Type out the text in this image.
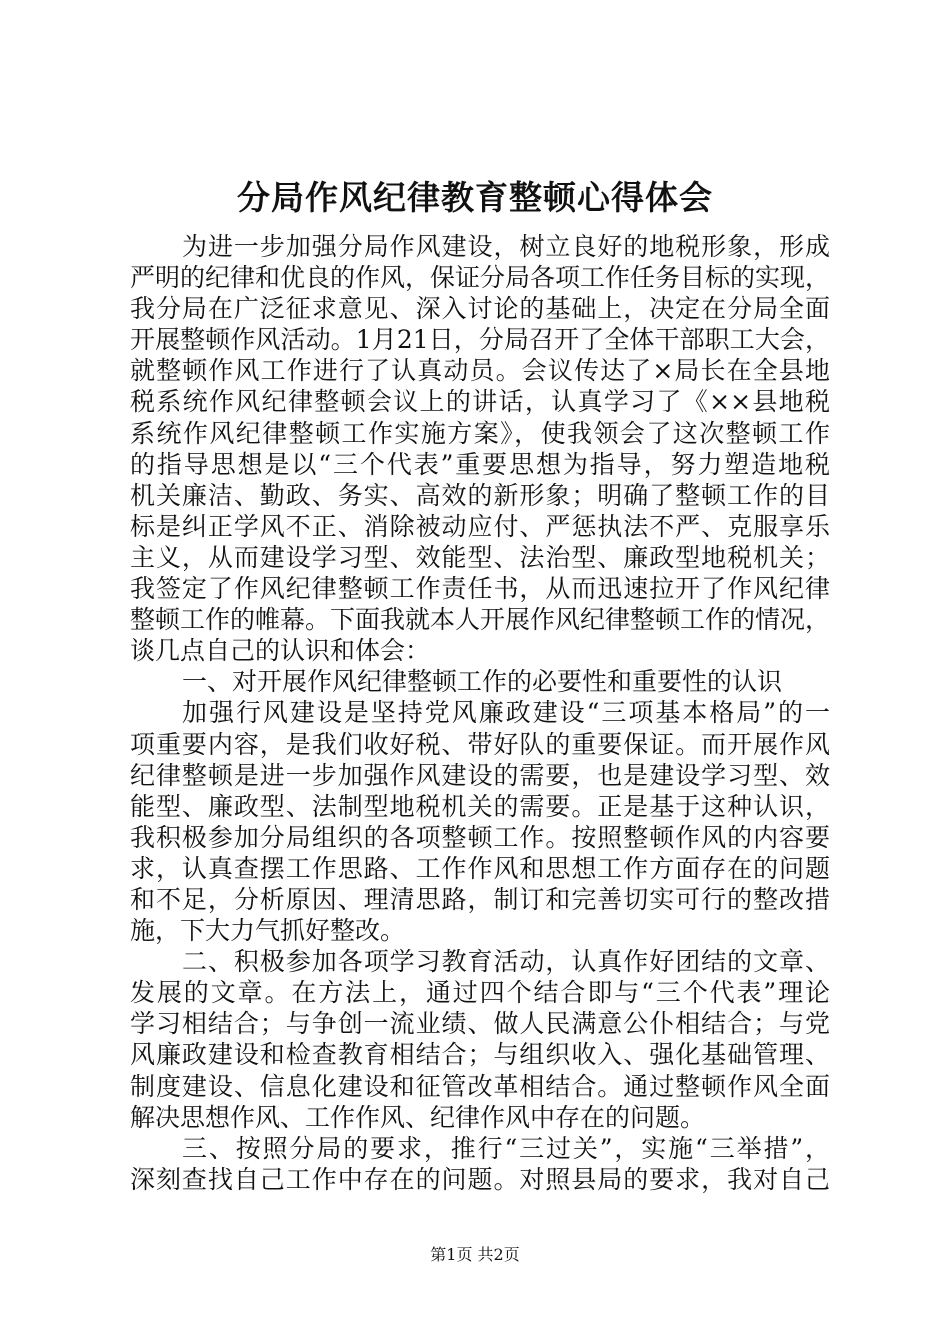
分局作风纪律教育整顿心得体会
为进一步加强分局作风建设，树立良好的地税形象，形成
严明的纪律和优良的作风，保证分局各项工作任务目标的实现，
我分局在广泛征求意见、深入讨论的基础上，决定在分局全面
开展整顿作风活动。1月21日，分局召开了全体干部职工大会，
就整顿作风工作进行了认真动员。会议传达了×局长在全县地
税系统作风纪律整顿会议上的讲话，认真学习了《××县地税
系统作风纪律整顿工作实施方案》，使我领会了这次整顿工作
的指导思想是以“三个代表”重要思想为指导，努力塑造地税
机关廉洁、勤政、务实、高效的新形象；明确了整顿工作的目
标是纠正学风不正、消除被动应付、严惩执法不严、克服享乐
主义，从而建设学习型、效能型、法治型、廉政型地税机关；
我签定了作风纪律整顿工作责任书，从而迅速拉开了作风纪律
整顿工作的帷幕。下面我就本人开展作风纪律整顿工作的情况，
谈几点自己的认识和体会：
一、对开展作风纪律整顿工作的必要性和重要性的认识
加强行风建设是坚持党风廉政建设“三项基本格局”的一
项重要内容，是我们收好税、带好队的重要保证。而开展作风
纪律整顿是进一步加强作风建设的需要，也是建设学习型、效
能型、廉政型、法制型地税机关的需要。正是基于这种认识，
我积极参加分局组织的各项整顿工作。按照整顿作风的内容要
求，认真查摆工作思路、工作作风和思想工作方面存在的问题
和不足，分析原因、理清思路，制订和完善切实可行的整改措
施，下大力气抓好整改。
二、积极参加各项学习教育活动，认真作好团结的文章、
发展的文章。在方法上，通过四个结合即与“三个代表”理论
学习相结合；与争创一流业绩、做人民满意公仆相结合；与党
风廉政建设和检查教育相结合；与组织收入、强化基础管理、
制度建设、信息化建设和征管改革相结合。通过整顿作风全面
解决思想作风、工作作风、纪律作风中存在的问题。
三、按照分局的要求，推行“三过关”，实施“三举措”，
深刻查找自己工作中存在的问题。对照县局的要求，我对自己
第1页 共2页
